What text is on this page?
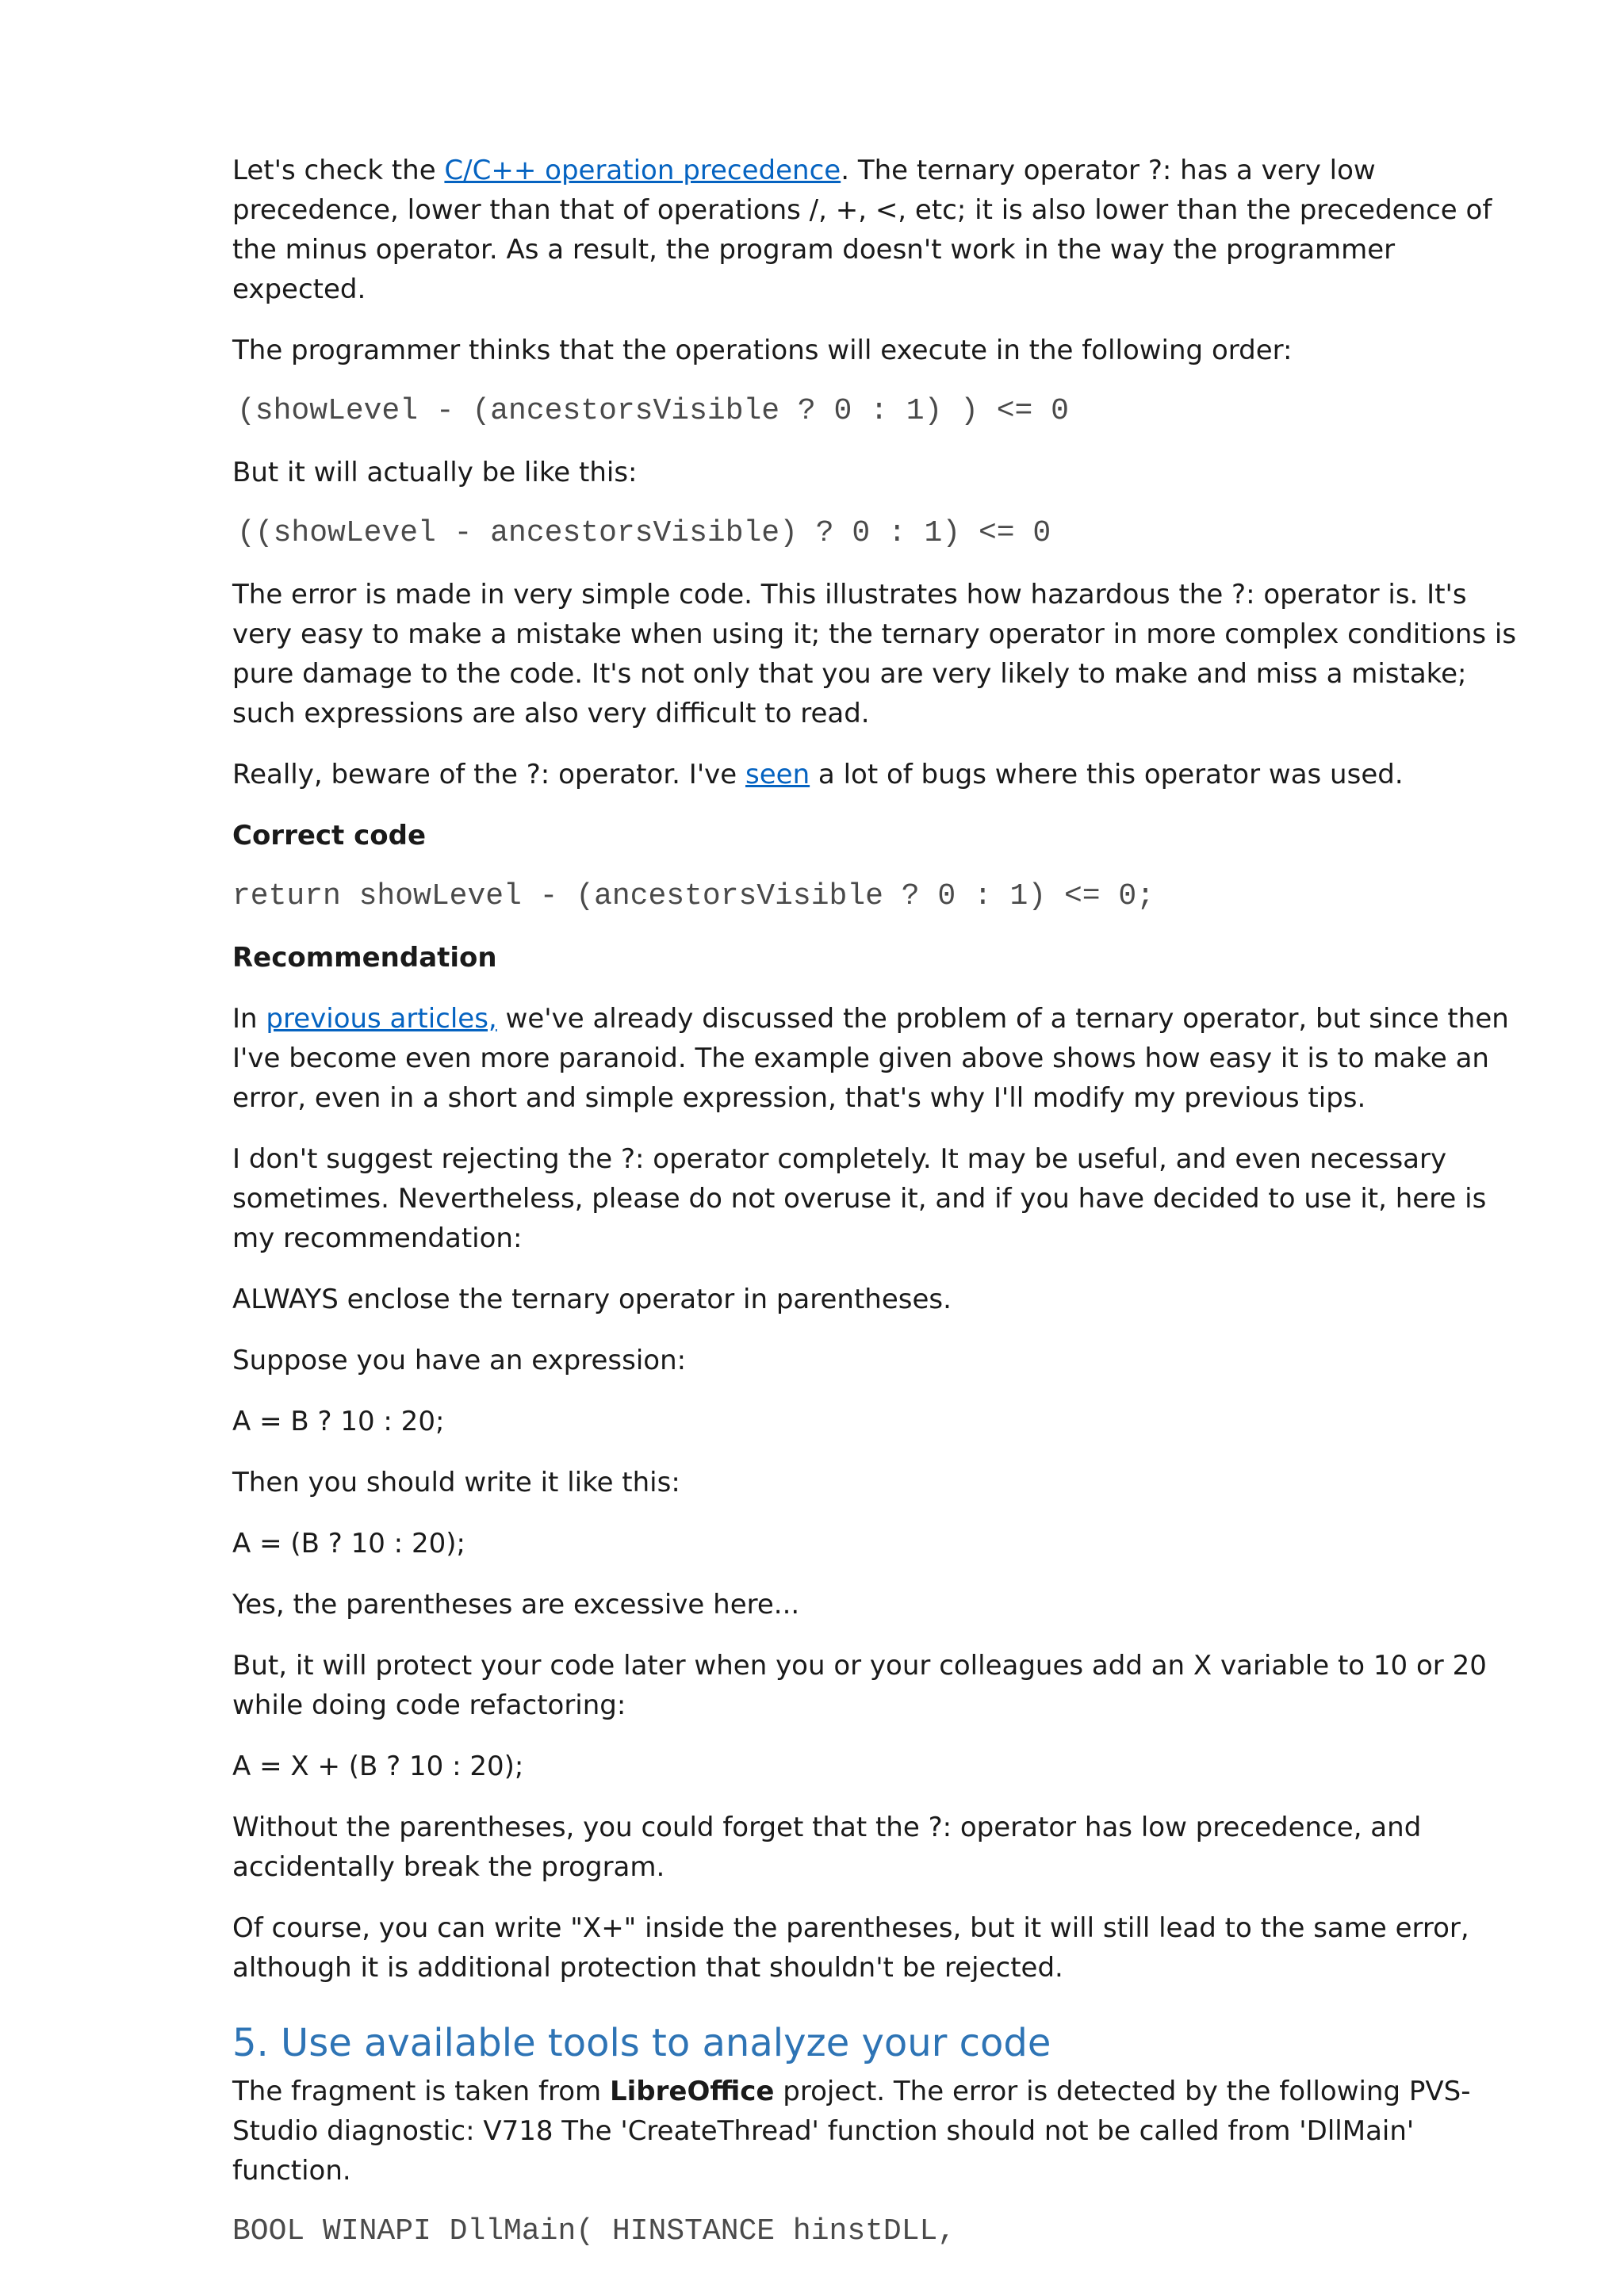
Let's check the C/C++ operation precedence. The ternary operator ?: has a very low precedence, lower than that of operations /, +, <, etc; it is also lower than the precedence of the minus operator. As a result, the program doesn't work in the way the programmer expected.

The programmer thinks that the operations will execute in the following order:

(showLevel - (ancestorsVisible ? 0 : 1) ) <= 0

But it will actually be like this:

((showLevel - ancestorsVisible) ? 0 : 1) <= 0

The error is made in very simple code. This illustrates how hazardous the ?: operator is. It's very easy to make a mistake when using it; the ternary operator in more complex conditions is pure damage to the code. It's not only that you are very likely to make and miss a mistake; such expressions are also very difficult to read.

Really, beware of the ?: operator. I've seen a lot of bugs where this operator was used.

Correct code

return showLevel - (ancestorsVisible ? 0 : 1) <= 0;

Recommendation

In previous articles, we've already discussed the problem of a ternary operator, but since then I've become even more paranoid. The example given above shows how easy it is to make an error, even in a short and simple expression, that's why I'll modify my previous tips.

I don't suggest rejecting the ?: operator completely. It may be useful, and even necessary sometimes. Nevertheless, please do not overuse it, and if you have decided to use it, here is my recommendation:

ALWAYS enclose the ternary operator in parentheses.

Suppose you have an expression:

A = B ? 10 : 20;

Then you should write it like this:

A = (B ? 10 : 20);

Yes, the parentheses are excessive here...

But, it will protect your code later when you or your colleagues add an X variable to 10 or 20 while doing code refactoring:

A = X + (B ? 10 : 20);

Without the parentheses, you could forget that the ?: operator has low precedence, and accidentally break the program.

Of course, you can write "X+" inside the parentheses, but it will still lead to the same error, although it is additional protection that shouldn't be rejected.

5. Use available tools to analyze your code

The fragment is taken from LibreOffice project. The error is detected by the following PVS-Studio diagnostic: V718 The 'CreateThread' function should not be called from 'DllMain' function.

BOOL WINAPI DllMain( HINSTANCE hinstDLL,
